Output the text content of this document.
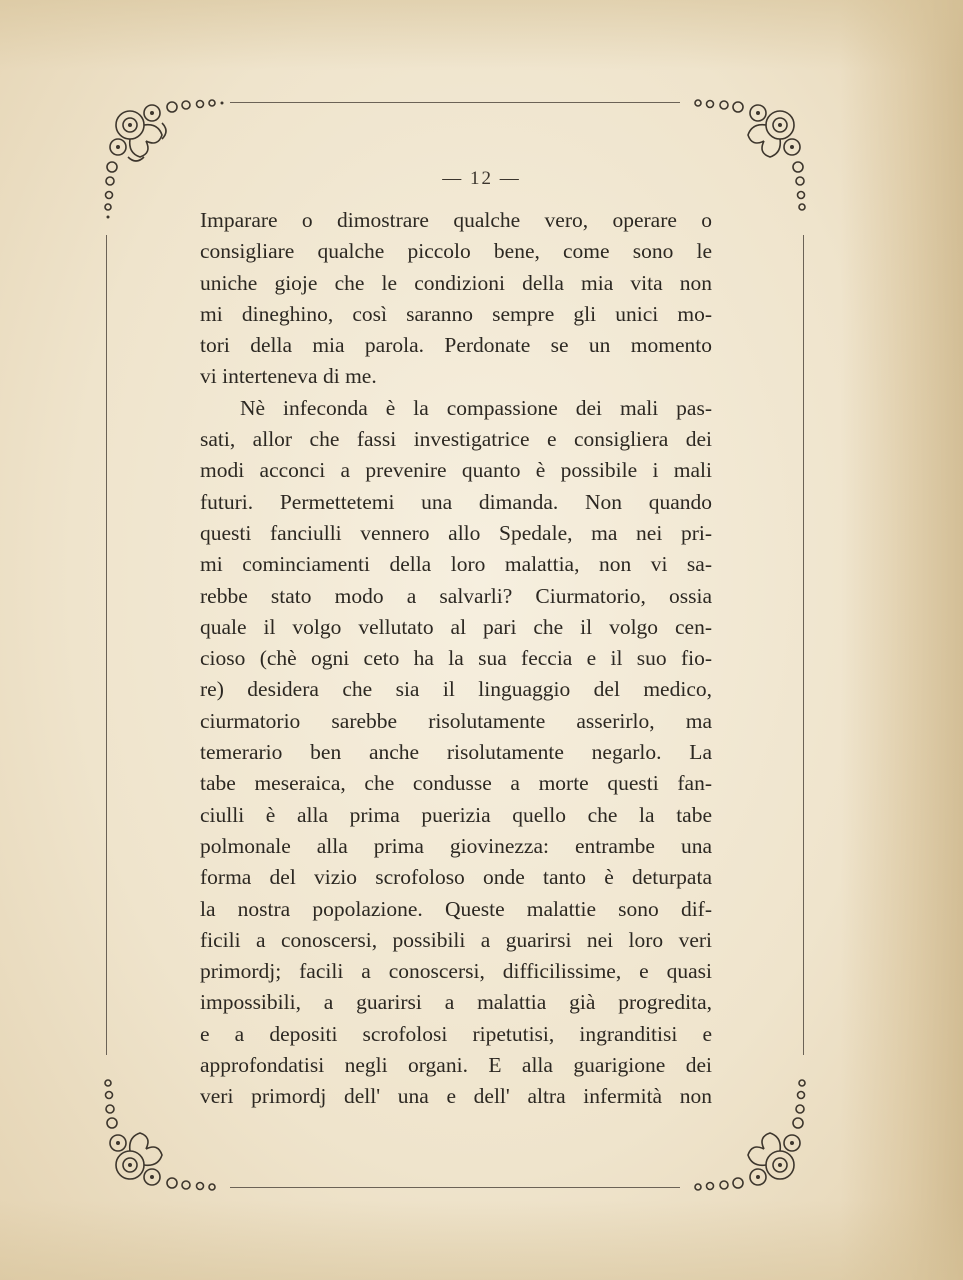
— 12 —
Imparare o dimostrare qualche vero, operare o
consigliare qualche piccolo bene, come sono le
uniche gioje che le condizioni della mia vita non
mi dineghino, così saranno sempre gli unici mo-
tori della mia parola. Perdonate se un momento
vi interteneva di me.
Nè infeconda è la compassione dei mali pas-
sati, allor che fassi investigatrice e consigliera dei
modi acconci a prevenire quanto è possibile i mali
futuri. Permettetemi una dimanda. Non quando
questi fanciulli vennero allo Spedale, ma nei pri-
mi cominciamenti della loro malattia, non vi sa-
rebbe stato modo a salvarli? Ciurmatorio, ossia
quale il volgo vellutato al pari che il volgo cen-
cioso (chè ogni ceto ha la sua feccia e il suo fio-
re) desidera che sia il linguaggio del medico,
ciurmatorio sarebbe risolutamente asserirlo, ma
temerario ben anche risolutamente negarlo. La
tabe meseraica, che condusse a morte questi fan-
ciulli è alla prima puerizia quello che la tabe
polmonale alla prima giovinezza: entrambe una
forma del vizio scrofoloso onde tanto è deturpata
la nostra popolazione. Queste malattie sono dif-
ficili a conoscersi, possibili a guarirsi nei loro veri
primordj; facili a conoscersi, difficilissime, e quasi
impossibili, a guarirsi a malattia già progredita,
e a depositi scrofolosi ripetutisi, ingranditisi e
approfondatisi negli organi. E alla guarigione dei
veri primordj dell' una e dell' altra infermità non
